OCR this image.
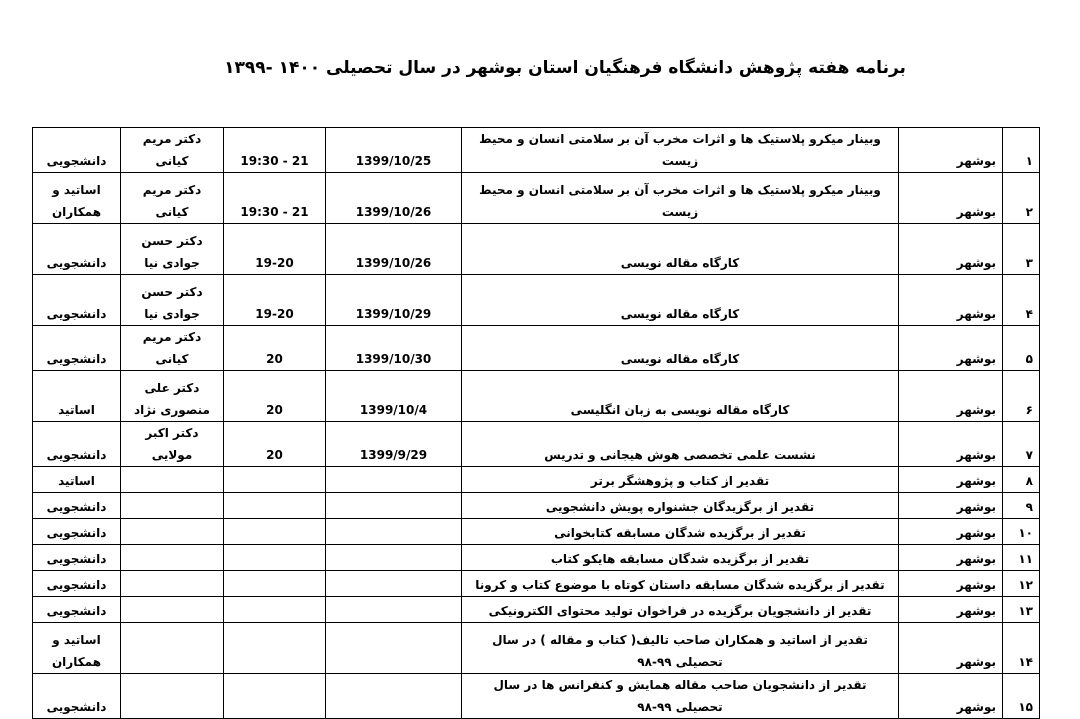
برنامه هفته پژوهش دانشگاه فرهنگیان استان بوشهر در سال تحصیلی ۱۴۰۰ -۱۳۹۹
۱	بوشهر	وبینار میکرو پلاستیک ها و اثرات مخرب آن بر سلامتی انسان و محیط زیست	1399/10/25	21 - 19:30	دکتر مریم کیانی	دانشجویی
۲	بوشهر	وبینار میکرو پلاستیک ها و اثرات مخرب آن بر سلامتی انسان و محیط زیست	1399/10/26	21 - 19:30	دکتر مریم کیانی	اساتید و همکاران
۳	بوشهر	کارگاه مقاله نویسی	1399/10/26	19-20	دکتر حسن جوادی نیا	دانشجویی
۴	بوشهر	کارگاه مقاله نویسی	1399/10/29	19-20	دکتر حسن جوادی نیا	دانشجویی
۵	بوشهر	کارگاه مقاله نویسی	1399/10/30	20	دکتر مریم کیانی	دانشجویی
۶	بوشهر	کارگاه مقاله نویسی به زبان انگلیسی	1399/10/4	20	دکتر علی منصوری نژاد	اساتید
۷	بوشهر	نشست علمی تخصصی هوش هیجانی و تدریس	1399/9/29	20	دکتر اکبر مولایی	دانشجویی
۸	بوشهر	تقدیر از کتاب و پژوهشگر برتر				اساتید
۹	بوشهر	تقدیر از برگزیدگان جشنواره پویش دانشجویی				دانشجویی
۱۰	بوشهر	تقدیر از برگزیده شدگان مسابقه کتابخوانی				دانشجویی
۱۱	بوشهر	تقدیر از برگزیده شدگان مسابقه هایکو کتاب				دانشجویی
۱۲	بوشهر	تقدیر از برگزیده شدگان مسابقه داستان کوتاه با موضوع کتاب و کرونا				دانشجویی
۱۳	بوشهر	تقدیر از دانشجویان برگزیده در فراخوان تولید محتوای الکترونیکی				دانشجویی
۱۴	بوشهر	تقدیر از اساتید و همکاران صاحب تالیف( کتاب و مقاله ) در سال تحصیلی ۹۹-۹۸				اساتید و همکاران
۱۵	بوشهر	تقدیر از دانشجویان صاحب مقاله همایش و کنفرانس ها در سال تحصیلی ۹۹-۹۸				دانشجویی
